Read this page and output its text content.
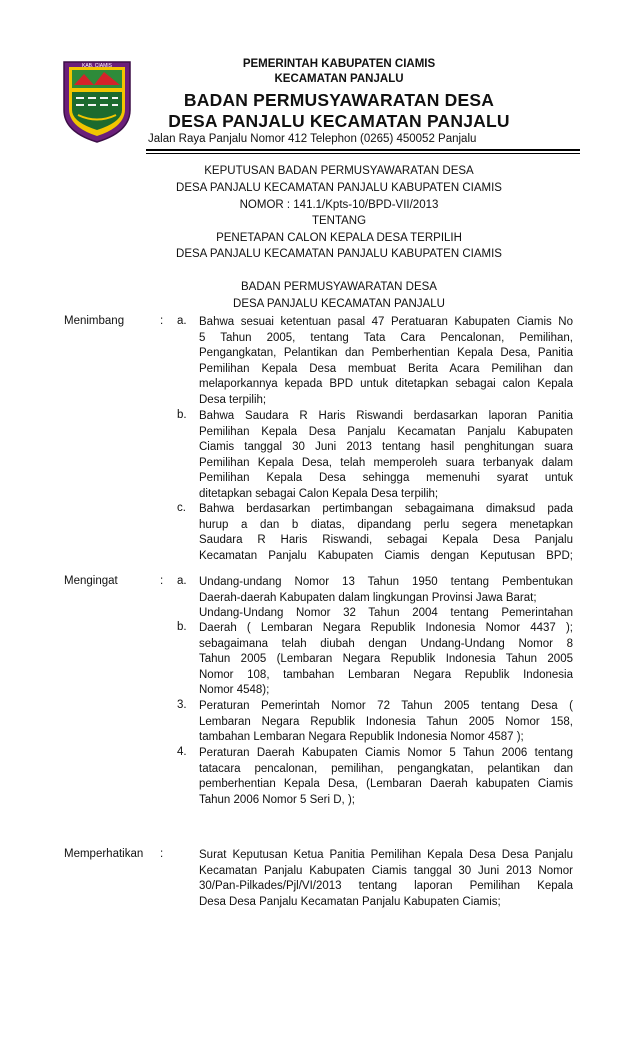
KAB. CIAMIS	PEMERINTAH KABUPATEN CIAMIS
KECAMATAN PANJALU
BADAN PERMUSYAWARATAN DESA
DESA PANJALU KECAMATAN PANJALU
Jalan Raya Panjalu Nomor 412 Telephon (0265) 450052 Panjalu
KEPUTUSAN BADAN PERMUSYAWARATAN DESA
DESA PANJALU KECAMATAN PANJALU KABUPATEN CIAMIS
NOMOR : 141.1/Kpts-10/BPD-VII/2013
TENTANG
PENETAPAN CALON KEPALA DESA TERPILIH
DESA PANJALU KECAMATAN PANJALU KABUPATEN CIAMIS
BADAN PERMUSYAWARATAN DESA
DESA PANJALU KECAMATAN PANJALU
Menimbang	: a. Bahwa sesuai ketentuan pasal 47 Peratuaran Kabupaten Ciamis No
5 Tahun 2005, tentang Tata Cara Pencalonan, Pemilihan,
Pengangkatan, Pelantikan dan Pemberhentian Kepala Desa, Panitia
Pemilihan Kepala Desa membuat Berita Acara Pemilihan dan
melaporkannya kepada BPD untuk ditetapkan sebagai calon Kepala
Desa terpilih;
b. Bahwa Saudara R Haris Riswandi berdasarkan laporan Panitia
Pemilihan Kepala Desa Panjalu Kecamatan Panjalu Kabupaten
Ciamis tanggal 30 Juni 2013 tentang hasil penghitungan suara
Pemilihan Kepala Desa, telah memperoleh suara terbanyak dalam
Pemilihan Kepala Desa sehingga memenuhi syarat untuk
ditetapkan sebagai Calon Kepala Desa terpilih;
c. Bahwa berdasarkan pertimbangan sebagaimana dimaksud pada
hurup a dan b diatas, dipandang perlu segera menetapkan
Saudara R Haris Riswandi, sebagai Kepala Desa Panjalu
Kecamatan Panjalu Kabupaten Ciamis dengan Keputusan BPD;
Mengingat	: a. Undang-undang Nomor 13 Tahun 1950 tentang Pembentukan
Daerah-daerah Kabupaten dalam lingkungan Provinsi Jawa Barat;
Undang-Undang Nomor 32 Tahun 2004 tentang Pemerintahan
b. Daerah ( Lembaran Negara Republik Indonesia Nomor 4437 );
sebagaimana telah diubah dengan Undang-Undang Nomor 8
Tahun 2005 (Lembaran Negara Republik Indonesia Tahun 2005
Nomor 108, tambahan Lembaran Negara Republik Indonesia
Nomor 4548);
3. Peraturan Pemerintah Nomor 72 Tahun 2005 tentang Desa (
Lembaran Negara Republik Indonesia Tahun 2005 Nomor 158,
tambahan Lembaran Negara Republik Indonesia Nomor 4587 );
4. Peraturan Daerah Kabupaten Ciamis Nomor 5 Tahun 2006 tentang
tatacara pencalonan, pemilihan, pengangkatan, pelantikan dan
pemberhentian Kepala Desa, (Lembaran Daerah kabupaten Ciamis
Tahun 2006 Nomor 5 Seri D, );
Memperhatikan :	Surat Keputusan Ketua Panitia Pemilihan Kepala Desa Desa Panjalu
Kecamatan Panjalu Kabupaten Ciamis tanggal 30 Juni 2013 Nomor
30/Pan-Pilkades/Pjl/VI/2013 tentang laporan Pemilihan Kepala
Desa Desa Panjalu Kecamatan Panjalu Kabupaten Ciamis;
